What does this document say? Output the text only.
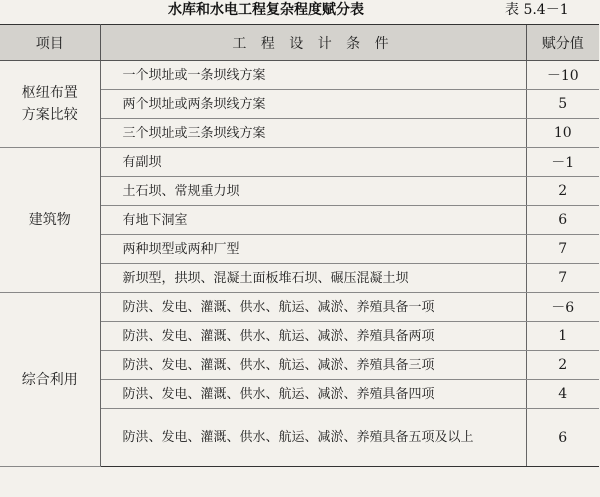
水库和水电工程复杂程度赋分表	表 5.4－1
项目	工 程 设 计 条 件	赋分值

枢纽布置
方案比较	一个坝址或一条坝线方案	－10
	两个坝址或两条坝线方案	5
	三个坝址或三条坝线方案	10
建筑物	有副坝	－1
	土石坝、常规重力坝	2
	有地下洞室	6
	两种坝型或两种厂型	7
	新坝型，拱坝、混凝土面板堆石坝、碾压混凝土坝	7
综合利用	防洪、发电、灌溉、供水、航运、减淤、养殖具备一项	－6
	防洪、发电、灌溉、供水、航运、减淤、养殖具备两项	1
	防洪、发电、灌溉、供水、航运、减淤、养殖具备三项	2
	防洪、发电、灌溉、供水、航运、减淤、养殖具备四项	4
	防洪、发电、灌溉、供水、航运、减淤、养殖具备五项及以上	6
